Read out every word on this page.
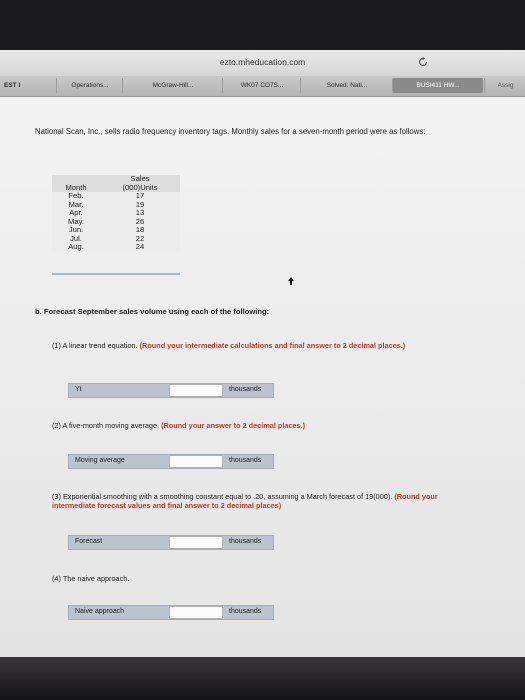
ezto.mheducation.com
EST I	Operations...	McGraw-Hill...	WK07 CO7S...	Solved: Nati...	BUSI411 HW...	Assig
National Scan, Inc., sells radio frequency inventory tags. Monthly sales for a seven-month period were as follows:
	Sales
Month	(000)Units
Feb.	17
Mar.	19
Apr.	13
May.	26
Jun.	18
Jul.	22
Aug.	24
b. Forecast September sales volume using each of the following:
(1) A linear trend equation. (Round your intermediate calculations and final answer to 2 decimal places.)
Yt	thousands
(2) A five-month moving average. (Round your answer to 2 decimal places.)
Moving average	thousands
(3) Exponential smoothing with a smoothing constant equal to .20, assuming a March forecast of 19(000). (Round your intermediate forecast values and final answer to 2 decimal places)
Forecast	thousands
(4) The naive approach.
Naive approach	thousands
